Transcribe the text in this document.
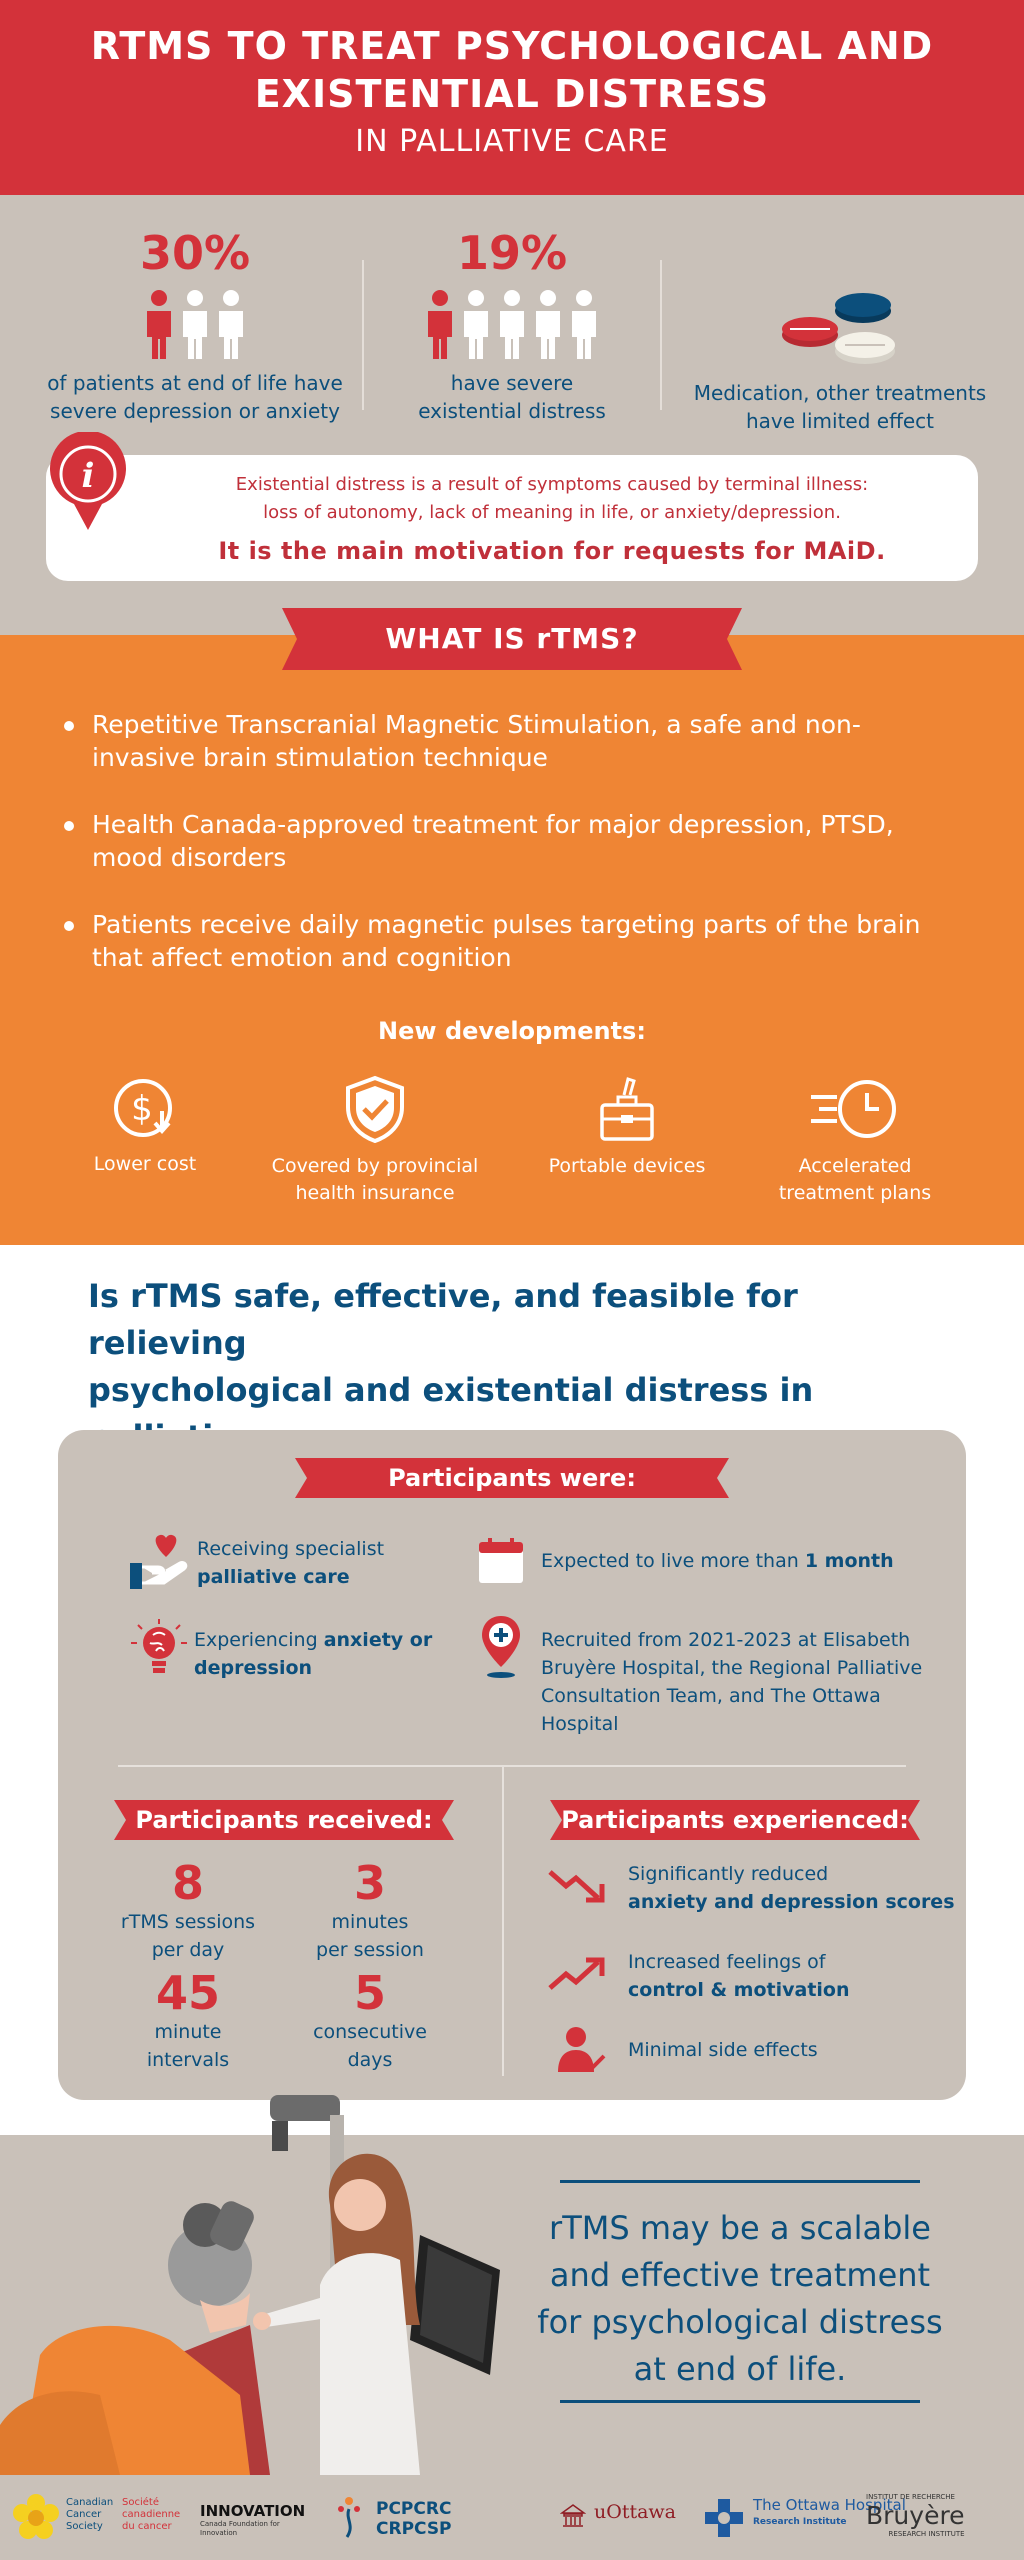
RTMS TO TREAT PSYCHOLOGICAL AND
EXISTENTIAL DISTRESS
IN PALLIATIVE CARE
30%
of patients at end of life have
severe depression or anxiety
19%
have severe
existential distress
Medication, other treatments
have limited effect
Existential distress is a result of symptoms caused by terminal illness:
loss of autonomy, lack of meaning in life, or anxiety/depression.
It is the main motivation for requests for MAiD.
i
WHAT IS rTMS?
Repetitive Transcranial Magnetic Stimulation, a safe and non-
invasive brain stimulation technique
Health Canada-approved treatment for major depression, PTSD,
mood disorders
Patients receive daily magnetic pulses targeting parts of the brain
that affect emotion and cognition
New developments:
$
Lower cost	Covered by provincial
health insurance
Portable devices	Accelerated
treatment plans
Is rTMS safe, effective, and feasible for relieving
psychological and existential distress in
Participants were:
Receiving specialist
palliative care
Expected to live more than 1 month
Experiencing anxiety or
depression
Recruited from 2021-2023 at Elisabeth
Bruyère Hospital, the Regional Palliative
Consultation Team, and The Ottawa
Hospital
Participants received:
8
rTMS sessions
per day
3
minutes
per session
45
minute
intervals
5
consecutive
days
Participants experienced:
Significantly reduced
anxiety and depression scores
Increased feelings of
control & motivation
Minimal side effects
rTMS may be a scalable
and effective treatment
for psychological distress
at end of life.
Canadian Cancer Society
Société canadienne du cancer
INNOVATION
Canada Foundation for Innovation
PCPCRC
CRPCSP
uOttawa	The Ottawa Hospital
Research Institute
INSTITUT DE RECHERCHE
Bruyère
RESEARCH INSTITUTE
